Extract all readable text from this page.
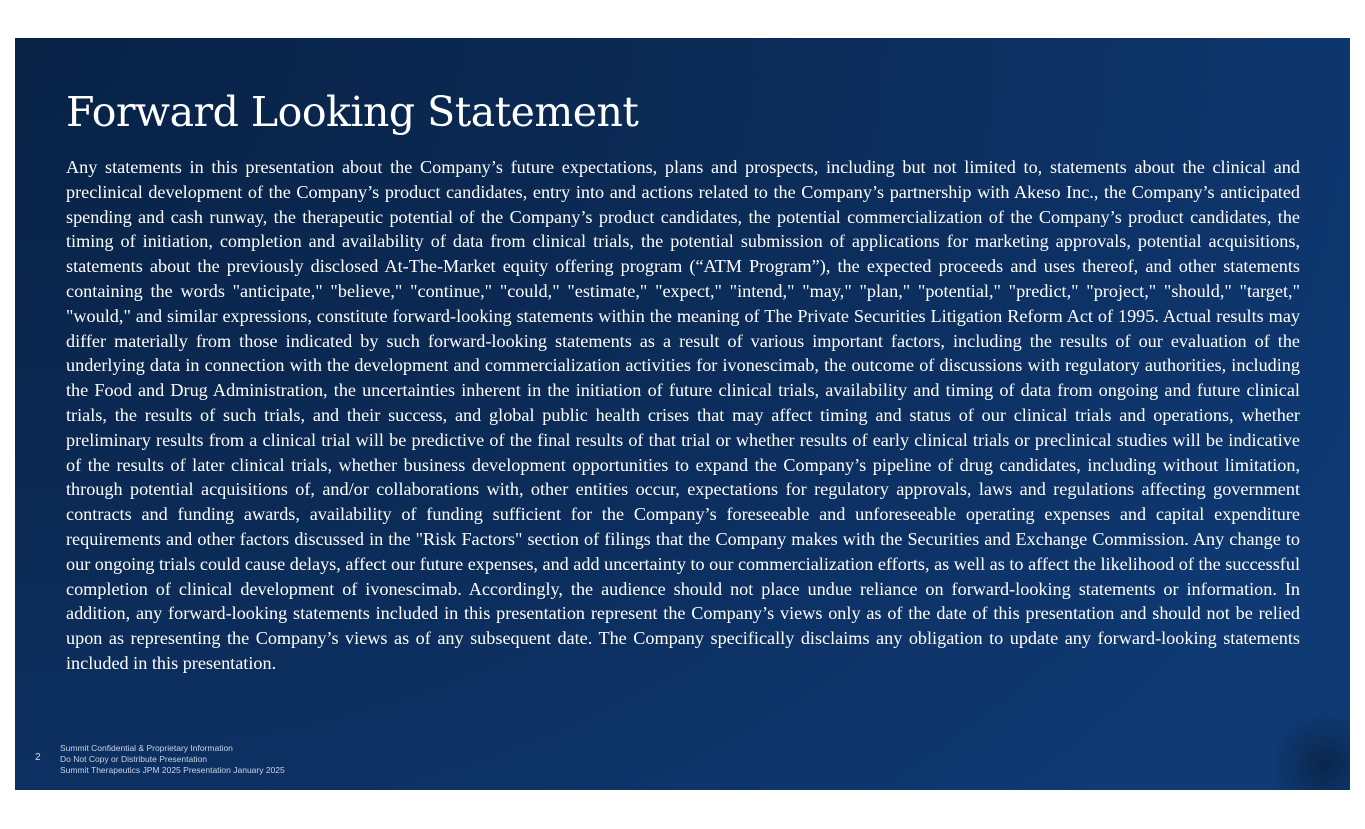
Forward Looking Statement

Any statements in this presentation about the Company’s future expectations, plans and prospects, including but not limited to, statements about the clinical and preclinical development of the Company’s product candidates, entry into and actions related to the Company’s partnership with Akeso Inc., the Company’s anticipated spending and cash runway, the therapeutic potential of the Company’s product candidates, the potential commercialization of the Company’s product candidates, the timing of initiation, completion and availability of data from clinical trials, the potential submission of applications for marketing approvals, potential acquisitions, statements about the previously disclosed At-The-Market equity offering program (“ATM Program”), the expected proceeds and uses thereof, and other statements containing the words "anticipate," "believe," "continue," "could," "estimate," "expect," "intend," "may," "plan," "potential," "predict," "project," "should," "target," "would," and similar expressions, constitute forward-looking statements within the meaning of The Private Securities Litigation Reform Act of 1995. Actual results may differ materially from those indicated by such forward-looking statements as a result of various important factors, including the results of our evaluation of the underlying data in connection with the development and commercialization activities for ivonescimab, the outcome of discussions with regulatory authorities, including the Food and Drug Administration, the uncertainties inherent in the initiation of future clinical trials, availability and timing of data from ongoing and future clinical trials, the results of such trials, and their success, and global public health crises that may affect timing and status of our clinical trials and operations, whether preliminary results from a clinical trial will be predictive of the final results of that trial or whether results of early clinical trials or preclinical studies will be indicative of the results of later clinical trials, whether business development opportunities to expand the Company’s pipeline of drug candidates, including without limitation, through potential acquisitions of, and/or collaborations with, other entities occur, expectations for regulatory approvals, laws and regulations affecting government contracts and funding awards, availability of funding sufficient for the Company’s foreseeable and unforeseeable operating expenses and capital expenditure requirements and other factors discussed in the "Risk Factors" section of filings that the Company makes with the Securities and Exchange Commission. Any change to our ongoing trials could cause delays, affect our future expenses, and add uncertainty to our commercialization efforts, as well as to affect the likelihood of the successful completion of clinical development of ivonescimab. Accordingly, the audience should not place undue reliance on forward-looking statements or information. In addition, any forward-looking statements included in this presentation represent the Company’s views only as of the date of this presentation and should not be relied upon as representing the Company’s views as of any subsequent date. The Company specifically disclaims any obligation to update any forward-looking statements included in this presentation.

2
Summit Confidential & Proprietary Information
Do Not Copy or Distribute Presentation
Summit Therapeutics JPM 2025 Presentation January 2025
